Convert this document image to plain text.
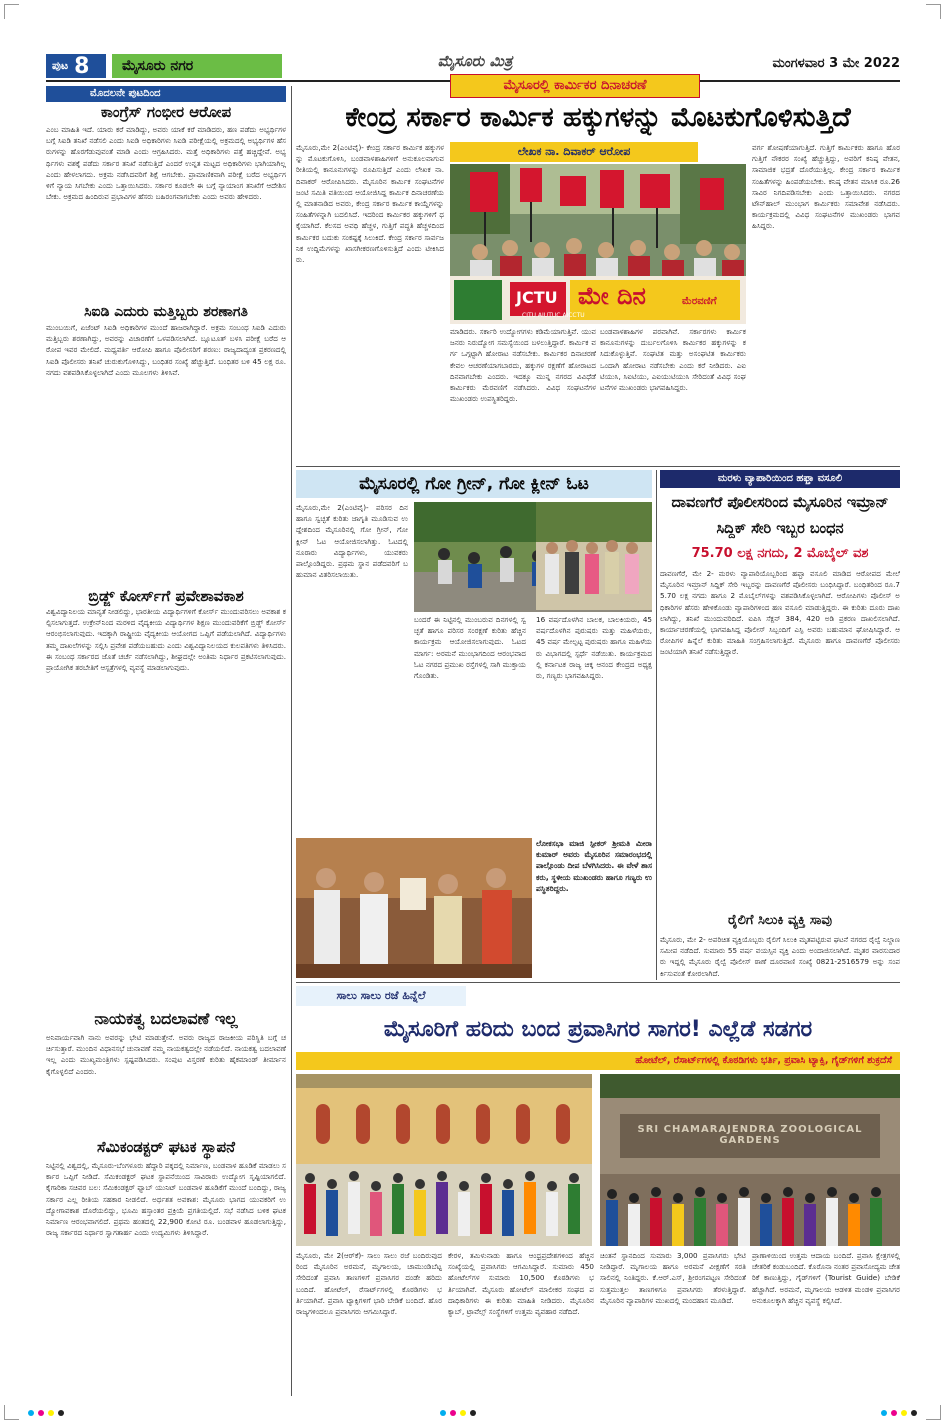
ಪುಟ 8	ಮೈಸೂರು ನಗರ	ಮೈಸೂರು ಮಿತ್ರ	ಮಂಗಳವಾರ 3 ಮೇ 2022
ಮೊದಲನೇ ಪುಟದಿಂದ
ಕಾಂಗ್ರೆಸ್ ಗಂಭೀರ ಆರೋಪ
ಎಂಬ ಮಾಹಿತಿ ಇದೆ. ಯಾರು ಕರೆ ಮಾಡಿದ್ದು, ಅವರು ಯಾಕೆ ಕರೆ ಮಾಡಿದರು, ಹಣ ಪಡೆದು ಅಭ್ಯರ್ಥಿಗಳ ಬಗ್ಗೆ ಸಿಐಡಿ ತನಿಖೆ ನಡೆಸಲಿ ಎಂದು ಸಿಐಡಿ ಅಧಿಕಾರಿಗಳು ಸಿಐಡಿ ಪರೀಕ್ಷೆಯಲ್ಲಿ ಅಕ್ರಮದಲ್ಲಿ ಅಭ್ಯರ್ಥಿಗಳ ಹೆಸರುಗಳನ್ನು ಹೊರಗೆಡುವುವಂತೆ ಮಾಡಿ ಎಂದು ಆಗ್ರಹಿಸಿದರು. ಮತ್ತೆ ಅಧಿಕಾರಿಗಳು ಪತ್ತೆ ಹಚ್ಚಿದ್ದೇವೆ. ಅಭ್ಯರ್ಥಿಗಳು ವಶಕ್ಕೆ ಪಡೆದು ಸರ್ಕಾರ ತನಿಖೆ ನಡೆಸುತ್ತಿದೆ ಎಂದರೆ ಉನ್ನತ ಮಟ್ಟದ ಅಧಿಕಾರಿಗಳು ಭಾಗಿಯಾಗಿಲ್ಲ ಎಂದು ಹೇಳಲಾಗದು. ಅಕ್ರಮ ನಡೆಸಿದವರಿಗೆ ಶಿಕ್ಷೆ ಆಗಬೇಕು. ಪ್ರಾಮಾಣಿಕವಾಗಿ ಪರೀಕ್ಷೆ ಬರೆದ ಅಭ್ಯರ್ಥಿಗಳಿಗೆ ನ್ಯಾಯ ಸಿಗಬೇಕು ಎಂದು ಒತ್ತಾಯಿಸಿದರು. ಸರ್ಕಾರ ಕೂಡಲೇ ಈ ಬಗ್ಗೆ ನ್ಯಾಯಾಂಗ ತನಿಖೆಗೆ ಆದೇಶಿಸಬೇಕು. ಅಕ್ರಮದ ಹಿಂದಿರುವ ಪ್ರಭಾವಿಗಳ ಹೆಸರು ಬಹಿರಂಗವಾಗಬೇಕು ಎಂದು ಅವರು ಹೇಳಿದರು.
ಸಿಐಡಿ ಎದುರು ಮತ್ತಿಬ್ಬರು ಶರಣಾಗತಿ
ಮುಂಬಯಿಗೆ, ಏಜೆಂಟ್ ಸಿಐಡಿ ಅಧಿಕಾರಿಗಳ ಮುಂದೆ ಹಾಜರಾಗಿದ್ದಾರೆ. ಅಕ್ರಮ ಸಂಬಂಧ ಸಿಐಡಿ ಎದುರು ಮತ್ತಿಬ್ಬರು ಶರಣಾಗಿದ್ದು, ಅವರನ್ನು ವಿಚಾರಣೆಗೆ ಒಳಪಡಿಸಲಾಗಿದೆ. ಬ್ಲೂಟೂತ್ ಬಳಸಿ ಪರೀಕ್ಷೆ ಬರೆದ ಆರೋಪ ಇವರ ಮೇಲಿದೆ. ಮಧ್ಯವರ್ತಿ ಆರೋಪಿ ಹಾಗೂ ಪೊಲೀಸರಿಗೆ ಶರಣು: ರಾಜ್ಯದಾದ್ಯಂತ ಪ್ರಕರಣದಲ್ಲಿ ಸಿಐಡಿ ಪೊಲೀಸರು ತನಿಖೆ ಚುರುಕುಗೊಳಿಸಿದ್ದು, ಬಂಧಿತರ ಸಂಖ್ಯೆ ಹೆಚ್ಚುತ್ತಿದೆ. ಬಂಧಿತರ ಬಳಿ 45 ಲಕ್ಷ ರೂ. ನಗದು ವಶಪಡಿಸಿಕೊಳ್ಳಲಾಗಿದೆ ಎಂದು ಮೂಲಗಳು ತಿಳಿಸಿವೆ.
ಬ್ರಿಡ್ಜ್ ಕೋರ್ಸ್‌ಗೆ ಪ್ರವೇಶಾವಕಾಶ
ವಿಶ್ವವಿದ್ಯಾನಿಲಯ ಮಾನ್ಯತೆ ನೀಡಲಿದ್ದು, ಭಾರತೀಯ ವಿದ್ಯಾರ್ಥಿಗಳಿಗೆ ಕೋರ್ಸ್ ಮುಂದುವರಿಸಲು ಅವಕಾಶ ಕಲ್ಪಿಸಲಾಗುತ್ತದೆ. ಉಕ್ರೇನ್‌ನಿಂದ ಮರಳಿದ ವೈದ್ಯಕೀಯ ವಿದ್ಯಾರ್ಥಿಗಳ ಶಿಕ್ಷಣ ಮುಂದುವರಿಕೆಗೆ ಬ್ರಿಡ್ಜ್ ಕೋರ್ಸ್ ಆರಂಭಿಸಲಾಗುವುದು. ಇದಕ್ಕಾಗಿ ರಾಷ್ಟ್ರೀಯ ವೈದ್ಯಕೀಯ ಆಯೋಗದ ಒಪ್ಪಿಗೆ ಪಡೆಯಲಾಗಿದೆ. ವಿದ್ಯಾರ್ಥಿಗಳು ತಮ್ಮ ದಾಖಲೆಗಳನ್ನು ಸಲ್ಲಿಸಿ ಪ್ರವೇಶ ಪಡೆಯಬಹುದು ಎಂದು ವಿಶ್ವವಿದ್ಯಾನಿಲಯದ ಕುಲಪತಿಗಳು ತಿಳಿಸಿದರು. ಈ ಸಂಬಂಧ ಸರ್ಕಾರದ ಜೊತೆ ಚರ್ಚೆ ನಡೆಸಲಾಗಿದ್ದು, ಶೀಘ್ರದಲ್ಲೇ ಅಂತಿಮ ನಿರ್ಧಾರ ಪ್ರಕಟಿಸಲಾಗುವುದು. ಪ್ರಾಯೋಗಿಕ ತರಬೇತಿಗೆ ಆಸ್ಪತ್ರೆಗಳಲ್ಲಿ ವ್ಯವಸ್ಥೆ ಮಾಡಲಾಗುವುದು.
ನಾಯಕತ್ವ ಬದಲಾವಣೆ ಇಲ್ಲ
ಅನಿವಾರ್ಯವಾಗಿ ನಾನು ಅವರನ್ನು ಭೇಟಿ ಮಾಡುತ್ತೇನೆ. ಅವರು ರಾಜ್ಯದ ರಾಜಕೀಯ ಪರಿಸ್ಥಿತಿ ಬಗ್ಗೆ ಚರ್ಚಿಸುತ್ತಾರೆ. ಮುಂದಿನ ವಿಧಾನಸಭೆ ಚುನಾವಣೆ ನಮ್ಮ ನಾಯಕತ್ವದಲ್ಲೇ ನಡೆಯಲಿದೆ. ನಾಯಕತ್ವ ಬದಲಾವಣೆ ಇಲ್ಲ ಎಂದು ಮುಖ್ಯಮಂತ್ರಿಗಳು ಸ್ಪಷ್ಟಪಡಿಸಿದರು. ಸಂಪುಟ ವಿಸ್ತರಣೆ ಕುರಿತು ಹೈಕಮಾಂಡ್ ತೀರ್ಮಾನ ಕೈಗೊಳ್ಳಲಿದೆ ಎಂದರು.
ಸೆಮಿಕಂಡಕ್ಟರ್ ಘಟಕ ಸ್ಥಾಪನೆ
ನಿಟ್ಟಿನಲ್ಲಿ ವಿಶ್ವದಲ್ಲಿ, ಮೈಸೂರು-ಬೆಂಗಳೂರು ಹೆದ್ದಾರಿ ಪಕ್ಕದಲ್ಲಿ ನಿರ್ಮಾಣ, ಬಂಡವಾಳ ಹೂಡಿಕೆ ಮಾಡಲು ಸರ್ಕಾರ ಒಪ್ಪಿಗೆ ನೀಡಿದೆ. ಸೆಮಿಕಂಡಕ್ಟರ್ ಘಟಕ ಸ್ಥಾಪನೆಯಿಂದ ಸಾವಿರಾರು ಉದ್ಯೋಗ ಸೃಷ್ಟಿಯಾಗಲಿದೆ. ಕೈಗಾರಿಕಾ ಸಚಿವರ ಬಲ: ಸೆಮಿಕಂಡಕ್ಟರ್ ಫ್ಯಾಬ್ ಯುನಿಟ್ ಬಂಡವಾಳ ಹೂಡಿಕೆಗೆ ಮುಂದೆ ಬಂದಿದ್ದು, ರಾಜ್ಯ ಸರ್ಕಾರ ಎಲ್ಲ ರೀತಿಯ ಸಹಕಾರ ನೀಡಲಿದೆ. ಅರ್ಧಶತ ಅವಕಾಶ: ಮೈಸೂರು ಭಾಗದ ಯುವಕರಿಗೆ ಉದ್ಯೋಗಾವಕಾಶ ದೊರೆಯಲಿದ್ದು, ಭೂಮಿ ಹಸ್ತಾಂತರ ಪ್ರಕ್ರಿಯೆ ಪ್ರಗತಿಯಲ್ಲಿದೆ. ಸಭೆ ನಡೆಸಿದ ಬಳಿಕ ಘಟಕ ನಿರ್ಮಾಣ ಆರಂಭವಾಗಲಿದೆ. ಪ್ರಥಮ ಹಂತದಲ್ಲಿ 22,900 ಕೋಟಿ ರೂ. ಬಂಡವಾಳ ಹೂಡಲಾಗುತ್ತಿದ್ದು, ರಾಜ್ಯ ಸರ್ಕಾರದ ನಿರ್ಧಾರ ಸ್ವಾಗತಾರ್ಹ ಎಂದು ಉದ್ಯಮಿಗಳು ತಿಳಿಸಿದ್ದಾರೆ.
ಮೈಸೂರಲ್ಲಿ ಕಾರ್ಮಿಕರ ದಿನಾಚರಣೆ
ಕೇಂದ್ರ ಸರ್ಕಾರ ಕಾರ್ಮಿಕ ಹಕ್ಕುಗಳನ್ನು ಮೊಟಕುಗೊಳಿಸುತ್ತಿದೆ
ಮೈಸೂರು,ಮೇ 2(ಎಂಟಿವೈ)- ಕೇಂದ್ರ ಸರ್ಕಾರ ಕಾರ್ಮಿಕ ಹಕ್ಕುಗಳನ್ನು ಮೊಟಕುಗೊಳಿಸಿ, ಬಂಡವಾಳಶಾಹಿಗಳಿಗೆ ಅನುಕೂಲವಾಗುವ ರೀತಿಯಲ್ಲಿ ಕಾನೂನುಗಳನ್ನು ರೂಪಿಸುತ್ತಿದೆ ಎಂದು ಲೇಖಕ ನಾ. ದಿವಾಕರ್ ಆರೋಪಿಸಿದರು. ಮೈಸೂರಿನ ಕಾರ್ಮಿಕ ಸಂಘಟನೆಗಳ ಜಂಟಿ ಸಮಿತಿ ವತಿಯಿಂದ ಆಯೋಜಿಸಿದ್ದ ಕಾರ್ಮಿಕ ದಿನಾಚರಣೆಯಲ್ಲಿ ಮಾತನಾಡಿದ ಅವರು, ಕೇಂದ್ರ ಸರ್ಕಾರ ಕಾರ್ಮಿಕ ಕಾಯ್ದೆಗಳನ್ನು ಸಂಹಿತೆಗಳನ್ನಾಗಿ ಬದಲಿಸಿದೆ. ಇದರಿಂದ ಕಾರ್ಮಿಕರ ಹಕ್ಕುಗಳಿಗೆ ಧಕ್ಕೆಯಾಗಿದೆ. ಕೆಲಸದ ಅವಧಿ ಹೆಚ್ಚಳ, ಗುತ್ತಿಗೆ ಪದ್ಧತಿ ಹೆಚ್ಚಳದಿಂದ ಕಾರ್ಮಿಕರ ಬದುಕು ಸಂಕಷ್ಟಕ್ಕೆ ಸಿಲುಕಿದೆ. ಕೇಂದ್ರ ಸರ್ಕಾರ ಸಾರ್ವಜನಿಕ ಉದ್ದಿಮೆಗಳನ್ನು ಖಾಸಗೀಕರಣಗೊಳಿಸುತ್ತಿದೆ ಎಂದು ಟೀಕಿಸಿದರು.
ಲೇಖಕ ನಾ. ದಿವಾಕರ್ ಆರೋಪ
JCTU ಮೇ ದಿನ	ಮೆರವಣಿಗೆ
CITU AIUTUC AICCTU
ಮಾಡಿದರು. ಸರ್ಕಾರಿ ಉದ್ಯೋಗಗಳು ಕಡಿಮೆಯಾಗುತ್ತಿವೆ. ಯುವಜನರು ನಿರುದ್ಯೋಗ ಸಮಸ್ಯೆಯಿಂದ ಬಳಲುತ್ತಿದ್ದಾರೆ. ಕಾರ್ಮಿಕ ವರ್ಗ ಒಗ್ಗಟ್ಟಾಗಿ ಹೋರಾಟ ನಡೆಸಬೇಕು. ಕಾರ್ಮಿಕರ ದಿನಾಚರಣೆ ಕೇವಲ ಆಚರಣೆಯಾಗಬಾರದು, ಹಕ್ಕುಗಳ ರಕ್ಷಣೆಗೆ ಹೋರಾಟದ ದಿನವಾಗಬೇಕು ಎಂದರು. ಇದಕ್ಕೂ ಮುನ್ನ ನಗರದ ವಿವಿಧೆಡೆ ಕಾರ್ಮಿಕರು ಮೆರವಣಿಗೆ ನಡೆಸಿದರು. ವಿವಿಧ ಸಂಘಟನೆಗಳ ಮುಖಂಡರು ಉಪಸ್ಥಿತರಿದ್ದರು.
ಬಂಡವಾಳಶಾಹಿಗಳ ಪರವಾಗಿವೆ. ಸರ್ಕಾರಗಳು ಕಾರ್ಮಿಕ ಕಾನೂನುಗಳನ್ನು ದುರ್ಬಲಗೊಳಿಸಿ ಕಾರ್ಮಿಕರ ಹಕ್ಕುಗಳನ್ನು ಕಸಿದುಕೊಳ್ಳುತ್ತಿವೆ. ಸಂಘಟಿತ ಮತ್ತು ಅಸಂಘಟಿತ ಕಾರ್ಮಿಕರು ಒಂದಾಗಿ ಹೋರಾಟ ನಡೆಸಬೇಕು ಎಂದು ಕರೆ ನೀಡಿದರು. ಎಐಟಿಯುಸಿ, ಸಿಐಟಿಯು, ಎಐಯುಟಿಯುಸಿ ಸೇರಿದಂತೆ ವಿವಿಧ ಸಂಘಟನೆಗಳ ಮುಖಂಡರು ಭಾಗವಹಿಸಿದ್ದರು.
ವರ್ಗ ಶೋಷಣೆಯಾಗುತ್ತಿದೆ. ಗುತ್ತಿಗೆ ಕಾರ್ಮಿಕರು ಹಾಗೂ ಹೊರಗುತ್ತಿಗೆ ನೌಕರರ ಸಂಖ್ಯೆ ಹೆಚ್ಚುತ್ತಿದ್ದು, ಅವರಿಗೆ ಕನಿಷ್ಠ ವೇತನ, ಸಾಮಾಜಿಕ ಭದ್ರತೆ ದೊರೆಯುತ್ತಿಲ್ಲ. ಕೇಂದ್ರ ಸರ್ಕಾರ ಕಾರ್ಮಿಕ ಸಂಹಿತೆಗಳನ್ನು ಹಿಂಪಡೆಯಬೇಕು. ಕನಿಷ್ಠ ವೇತನ ಮಾಸಿಕ ರೂ.26 ಸಾವಿರ ನಿಗದಿಪಡಿಸಬೇಕು ಎಂದು ಒತ್ತಾಯಿಸಿದರು. ನಗರದ ಟೌನ್‌ಹಾಲ್ ಮುಂಭಾಗ ಕಾರ್ಮಿಕರು ಸಮಾವೇಶ ನಡೆಸಿದರು. ಕಾರ್ಯಕ್ರಮದಲ್ಲಿ ವಿವಿಧ ಸಂಘಟನೆಗಳ ಮುಖಂಡರು ಭಾಗವಹಿಸಿದ್ದರು.
ಮೈಸೂರಲ್ಲಿ ಗೋ ಗ್ರೀನ್, ಗೋ ಕ್ಲೀನ್ ಓಟ
ಮೈಸೂರು,ಮೇ 2(ಎಂಟಿವೈ)- ಪರಿಸರ ದಿನ ಹಾಗೂ ಸ್ವಚ್ಛತೆ ಕುರಿತು ಜಾಗೃತಿ ಮೂಡಿಸುವ ಉದ್ದೇಶದಿಂದ ಮೈಸೂರಿನಲ್ಲಿ ಗೋ ಗ್ರೀನ್, ಗೋ ಕ್ಲೀನ್ ಓಟ ಆಯೋಜಿಸಲಾಗಿತ್ತು. ಓಟದಲ್ಲಿ ನೂರಾರು ವಿದ್ಯಾರ್ಥಿಗಳು, ಯುವಕರು ಪಾಲ್ಗೊಂಡಿದ್ದರು. ಪ್ರಥಮ ಸ್ಥಾನ ಪಡೆದವರಿಗೆ ಬಹುಮಾನ ವಿತರಿಸಲಾಯಿತು.
ಬಂದರೆ ಈ ನಿಟ್ಟಿನಲ್ಲಿ ಮುಂಬರುವ ದಿನಗಳಲ್ಲಿ ಸ್ವಚ್ಛತೆ ಹಾಗೂ ಪರಿಸರ ಸಂರಕ್ಷಣೆ ಕುರಿತು ಹೆಚ್ಚಿನ ಕಾರ್ಯಕ್ರಮ ಆಯೋಜಿಸಲಾಗುವುದು. ಓಟದ ಮಾರ್ಗ: ಅರಮನೆ ಮುಂಭಾಗದಿಂದ ಆರಂಭವಾದ ಓಟ ನಗರದ ಪ್ರಮುಖ ರಸ್ತೆಗಳಲ್ಲಿ ಸಾಗಿ ಮುಕ್ತಾಯಗೊಂಡಿತು.
16 ವರ್ಷದೊಳಗಿನ ಬಾಲಕ, ಬಾಲಕಿಯರು, 45 ವರ್ಷದೊಳಗಿನ ಪುರುಷರು ಮತ್ತು ಮಹಿಳೆಯರು, 45 ವರ್ಷ ಮೇಲ್ಪಟ್ಟ ಪುರುಷರು ಹಾಗೂ ಮಹಿಳೆಯರು ವಿಭಾಗದಲ್ಲಿ ಸ್ಪರ್ಧೆ ನಡೆಯಿತು. ಕಾರ್ಯಕ್ರಮದಲ್ಲಿ ಕರ್ನಾಟಕ ರಾಜ್ಯ ಚಿಕ್ಕ ಆನಂದ ಕೇಂದ್ರದ ಅಧ್ಯಕ್ಷರು, ಗಣ್ಯರು ಭಾಗವಹಿಸಿದ್ದರು.
ಲೋಕಸಭಾ ಮಾಜಿ ಸ್ಪೀಕರ್ ಶ್ರೀಮತಿ ಮೀರಾ ಕುಮಾರ್ ಅವರು ಮೈಸೂರಿನ ಸಮಾರಂಭದಲ್ಲಿ ಪಾಲ್ಗೊಂಡು ದೀಪ ಬೆಳಗಿಸಿದರು. ಈ ವೇಳೆ ಶಾಸಕರು, ಸ್ಥಳೀಯ ಮುಖಂಡರು ಹಾಗೂ ಗಣ್ಯರು ಉಪಸ್ಥಿತರಿದ್ದರು.
ಮರಳು ವ್ಯಾಪಾರಿಯಿಂದ ಹಫ್ತಾ ವಸೂಲಿ
ದಾವಣಗೆರೆ ಪೊಲೀಸರಿಂದ ಮೈಸೂರಿನ ಇಮ್ರಾನ್ ಸಿದ್ದಿಕ್ ಸೇರಿ ಇಬ್ಬರ ಬಂಧನ
75.70 ಲಕ್ಷ ನಗದು, 2 ಮೊಬೈಲ್ ವಶ
ದಾವಣಗೆರೆ, ಮೇ 2- ಮರಳು ವ್ಯಾಪಾರಿಯೊಬ್ಬರಿಂದ ಹಫ್ತಾ ವಸೂಲಿ ಮಾಡಿದ ಆರೋಪದ ಮೇಲೆ ಮೈಸೂರಿನ ಇಮ್ರಾನ್ ಸಿದ್ದಿಕ್ ಸೇರಿ ಇಬ್ಬರನ್ನು ದಾವಣಗೆರೆ ಪೊಲೀಸರು ಬಂಧಿಸಿದ್ದಾರೆ. ಬಂಧಿತರಿಂದ ರೂ.75.70 ಲಕ್ಷ ನಗದು ಹಾಗೂ 2 ಮೊಬೈಲ್‌ಗಳನ್ನು ವಶಪಡಿಸಿಕೊಳ್ಳಲಾಗಿದೆ. ಆರೋಪಿಗಳು ಪೊಲೀಸ್ ಅಧಿಕಾರಿಗಳ ಹೆಸರು ಹೇಳಿಕೊಂಡು ವ್ಯಾಪಾರಿಗಳಿಂದ ಹಣ ವಸೂಲಿ ಮಾಡುತ್ತಿದ್ದರು. ಈ ಕುರಿತು ದೂರು ದಾಖಲಾಗಿದ್ದು, ತನಿಖೆ ಮುಂದುವರಿದಿದೆ. ಐಪಿಸಿ ಸೆಕ್ಷನ್ 384, 420 ಅಡಿ ಪ್ರಕರಣ ದಾಖಲಿಸಲಾಗಿದೆ. ಕಾರ್ಯಾಚರಣೆಯಲ್ಲಿ ಭಾಗವಹಿಸಿದ್ದ ಪೊಲೀಸ್ ಸಿಬ್ಬಂದಿಗೆ ಎಸ್ಪಿ ಅವರು ಬಹುಮಾನ ಘೋಷಿಸಿದ್ದಾರೆ. ಆರೋಪಿಗಳ ಹಿನ್ನೆಲೆ ಕುರಿತು ಮಾಹಿತಿ ಸಂಗ್ರಹಿಸಲಾಗುತ್ತಿದೆ. ಮೈಸೂರು ಹಾಗೂ ದಾವಣಗೆರೆ ಪೊಲೀಸರು ಜಂಟಿಯಾಗಿ ತನಿಖೆ ನಡೆಸುತ್ತಿದ್ದಾರೆ.
ರೈಲಿಗೆ ಸಿಲುಕಿ ವ್ಯಕ್ತಿ ಸಾವು
ಮೈಸೂರು, ಮೇ 2- ಅಪರಿಚಿತ ವ್ಯಕ್ತಿಯೊಬ್ಬರು ರೈಲಿಗೆ ಸಿಲುಕಿ ಮೃತಪಟ್ಟಿರುವ ಘಟನೆ ನಗರದ ರೈಲ್ವೆ ನಿಲ್ದಾಣ ಸಮೀಪ ನಡೆದಿದೆ. ಸುಮಾರು 55 ವರ್ಷ ವಯಸ್ಸಿನ ವ್ಯಕ್ತಿ ಎಂದು ಅಂದಾಜಿಸಲಾಗಿದೆ. ಮೃತರ ವಾರಸುದಾರರು ಇದ್ದಲ್ಲಿ ಮೈಸೂರು ರೈಲ್ವೆ ಪೊಲೀಸ್ ಠಾಣೆ ದೂರವಾಣಿ ಸಂಖ್ಯೆ 0821-2516579 ಅನ್ನು ಸಂಪರ್ಕಿಸುವಂತೆ ಕೋರಲಾಗಿದೆ.
ಸಾಲು ಸಾಲು ರಜೆ ಹಿನ್ನೆಲೆ
ಮೈಸೂರಿಗೆ ಹರಿದು ಬಂದ ಪ್ರವಾಸಿಗರ ಸಾಗರ! ಎಲ್ಲೆಡೆ ಸಡಗರ
ಹೋಟೆಲ್, ರೆಸಾರ್ಟ್‌ಗಳಲ್ಲಿ ಕೊಠಡಿಗಳು ಭರ್ತಿ, ಪ್ರವಾಸಿ ಟ್ಯಾಕ್ಸಿ, ಗೈಡ್‌ಗಳಿಗೆ ಶುಕ್ರದೆಸೆ
SRI CHAMARAJENDRA ZOOLOGICAL GARDENS
ಮೈಸೂರು, ಮೇ 2(ಆರ್‌ಕೆ)- ಸಾಲು ಸಾಲು ರಜೆ ಬಂದಿರುವುದರಿಂದ ಮೈಸೂರಿನ ಅರಮನೆ, ಮೃಗಾಲಯ, ಚಾಮುಂಡಿಬೆಟ್ಟ ಸೇರಿದಂತೆ ಪ್ರವಾಸಿ ತಾಣಗಳಿಗೆ ಪ್ರವಾಸಿಗರ ದಂಡೇ ಹರಿದು ಬಂದಿದೆ. ಹೋಟೆಲ್, ರೆಸಾರ್ಟ್‌ಗಳಲ್ಲಿ ಕೊಠಡಿಗಳು ಭರ್ತಿಯಾಗಿವೆ. ಪ್ರವಾಸಿ ಟ್ಯಾಕ್ಸಿಗಳಿಗೆ ಭಾರಿ ಬೇಡಿಕೆ ಬಂದಿದೆ. ಹೊರ ರಾಜ್ಯಗಳಿಂದಲೂ ಪ್ರವಾಸಿಗರು ಆಗಮಿಸಿದ್ದಾರೆ.
ಕೇರಳ, ತಮಿಳುನಾಡು ಹಾಗೂ ಆಂಧ್ರಪ್ರದೇಶಗಳಿಂದ ಹೆಚ್ಚಿನ ಸಂಖ್ಯೆಯಲ್ಲಿ ಪ್ರವಾಸಿಗರು ಆಗಮಿಸಿದ್ದಾರೆ. ಸುಮಾರು 450 ಹೋಟೆಲ್‌ಗಳ ಸುಮಾರು 10,500 ಕೊಠಡಿಗಳು ಭರ್ತಿಯಾಗಿವೆ. ಮೈಸೂರು ಹೋಟೆಲ್ ಮಾಲೀಕರ ಸಂಘದ ಪದಾಧಿಕಾರಿಗಳು ಈ ಕುರಿತು ಮಾಹಿತಿ ನೀಡಿದರು. ಮೈಸೂರಿನ ಕ್ಯಾಬ್, ಟ್ರಾವೆಲ್ಸ್ ಸಂಸ್ಥೆಗಳಿಗೆ ಉತ್ತಮ ವ್ಯವಹಾರ ನಡೆದಿದೆ.
ಚಿಂತನೆ ಸ್ಥಾನದಿಂದ ಸುಮಾರು 3,000 ಪ್ರವಾಸಿಗರು ಭೇಟಿ ನೀಡಿದ್ದಾರೆ. ಮೃಗಾಲಯ ಹಾಗೂ ಅರಮನೆ ವೀಕ್ಷಣೆಗೆ ಸರತಿ ಸಾಲಿನಲ್ಲಿ ನಿಂತಿದ್ದರು. ಕೆ.ಆರ್.ಎಸ್, ಶ್ರೀರಂಗಪಟ್ಟಣ ಸೇರಿದಂತೆ ಸುತ್ತಮುತ್ತಲ ತಾಣಗಳಿಗೂ ಪ್ರವಾಸಿಗರು ತೆರಳುತ್ತಿದ್ದಾರೆ. ಮೈಸೂರಿನ ವ್ಯಾಪಾರಿಗಳ ಮುಖದಲ್ಲಿ ಮಂದಹಾಸ ಮೂಡಿದೆ.
ಪ್ರಾಣಾಳಿಯಿಂದ ಉತ್ತಮ ಆದಾಯ ಬಂದಿದೆ. ಪ್ರವಾಸಿ ಕ್ಷೇತ್ರಗಳಲ್ಲಿ ಚೇತರಿಕೆ ಕಂಡುಬಂದಿದೆ. ಕೊರೊನಾ ನಂತರ ಪ್ರವಾಸೋದ್ಯಮ ಚೇತರಿಕೆ ಕಾಣುತ್ತಿದ್ದು, ಗೈಡ್‌ಗಳಿಗೆ (Tourist Guide) ಬೇಡಿಕೆ ಹೆಚ್ಚಾಗಿದೆ. ಅರಮನೆ, ಮೃಗಾಲಯ ಆಡಳಿತ ಮಂಡಳಿ ಪ್ರವಾಸಿಗರ ಅನುಕೂಲಕ್ಕಾಗಿ ಹೆಚ್ಚಿನ ವ್ಯವಸ್ಥೆ ಕಲ್ಪಿಸಿದೆ.
